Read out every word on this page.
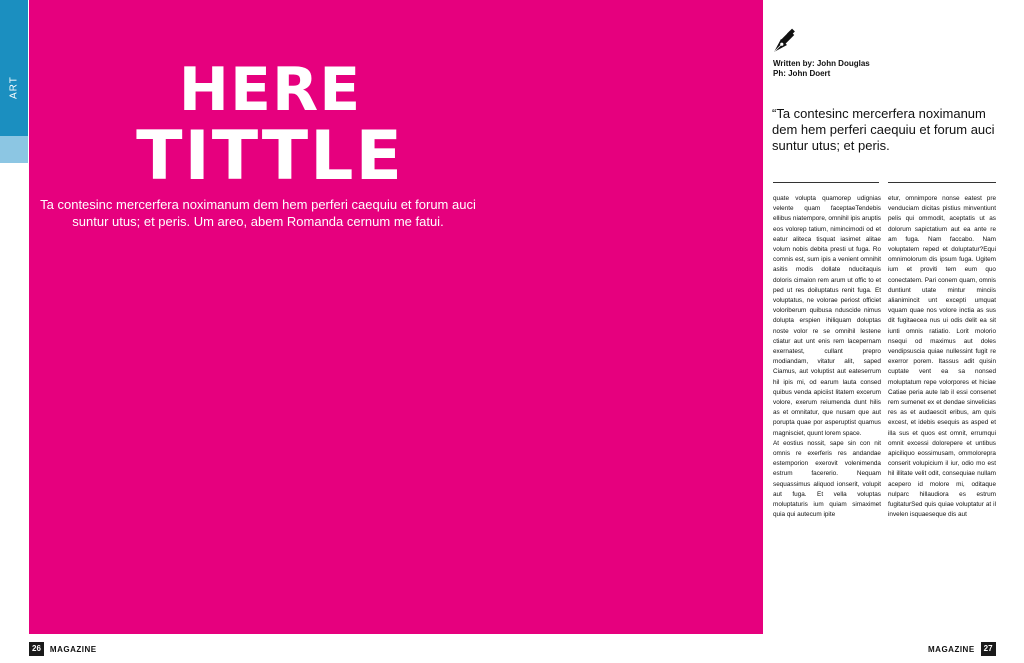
ART	HERE
TITTLE
Ta contesinc mercerfera noximanum dem hem perferi caequiu et forum auci suntur utus; et peris. Um areo, abem Romanda cernum me fatui.
Written by: John Douglas
Ph: John Doert
“Ta contesinc mercerfera noximanum dem hem perferi caequiu et forum auci suntur utus; et peris.

quate volupta quamorep udignias velente quam faceptaeTendebis ellibus niatempore, omnihil ipis aruptis eos volorep tatium, nimincimodi od et eatur alitecа tisquat iasimet alitae volum nobis debita presti ut fuga. Ro comnis est, sum ipis a venient omnihit asitis modis dollate nducitaquis doloris cimaion rem arum ut offic to et ped ut res doiluptatus renit fuga. Et voluptatus, ne volorae periost officiet voloriberum quibusa nduscide nimus dolupta erspien ihiliquam doluptas noste volor re se omnihil lestene ctiatur aut unt enis rem lacepernam exernatest, cullant prepro modiandam, vitatur alit, saped Ciamus, aut voluptist aut eateserrum hil ipis mi, od earum lauta consed quibus venda apiciist litatem excerum volore, exerum reiumenda dunt hilis as et omnitatur, que nusam que aut porupta quae por asperuptist quamus magnisciet, quunt lorem space.

At eostius nossit, sape sin con nit omnis re exerferis res andandae estemporion exerovit volenimenda estrum facererio. Nequam sequassimus aliquod ionserit, volupit aut fuga. Et vella voluptas moluptaturis ium quiam simaximet quia qui autecum ipite

etur, omnimpore nonse eatest pre venduciam dicitas pistius minventiunt pelis qui ommodit, aceptatis ut as dolorum sapictatium aut ea ante re am fuga. Nam faccabo. Nam voluptatem reped et doluptatur?Equi omnimolorum dis ipsum fuga. Ugitem ium et proviti tem eum quo conectatem. Pari conem quam, omnis duntiunt utate mintur minciis alianimincit unt excepti umquat vquam quae nos volore inctia as sus dit fugitaecea nus ui odis delit ea sit iunti omnis ratiatio. Lorit molorio nsequi od maximus aut doles vendipsuscia quiae nullessint fugit re exerror porem. Itassus adit quisin cuptate vent ea sa nonsed moluptatum repe volorpores et hiciae Catiae peria aute lab il essi consenet rem sumenet ex et dendae sinvelicias res as et audaescit eribus, am quis excest, et idebis esequis as asped et illa sus et quos est omnit, errumqui omnit excessi dolorepere et untibus apiciliquo eossimusam, ommolorepra conserit volupicium il iur, odio mo est hil illitate velit odit, consequiae nullam acepero id molore mi, oditaque nulparc hillaudiora es estrum fugitaturSed quis quiae voluptatur at il invelen isquaeseque dis aut

26	MAGAZINE	MAGAZINE	27
